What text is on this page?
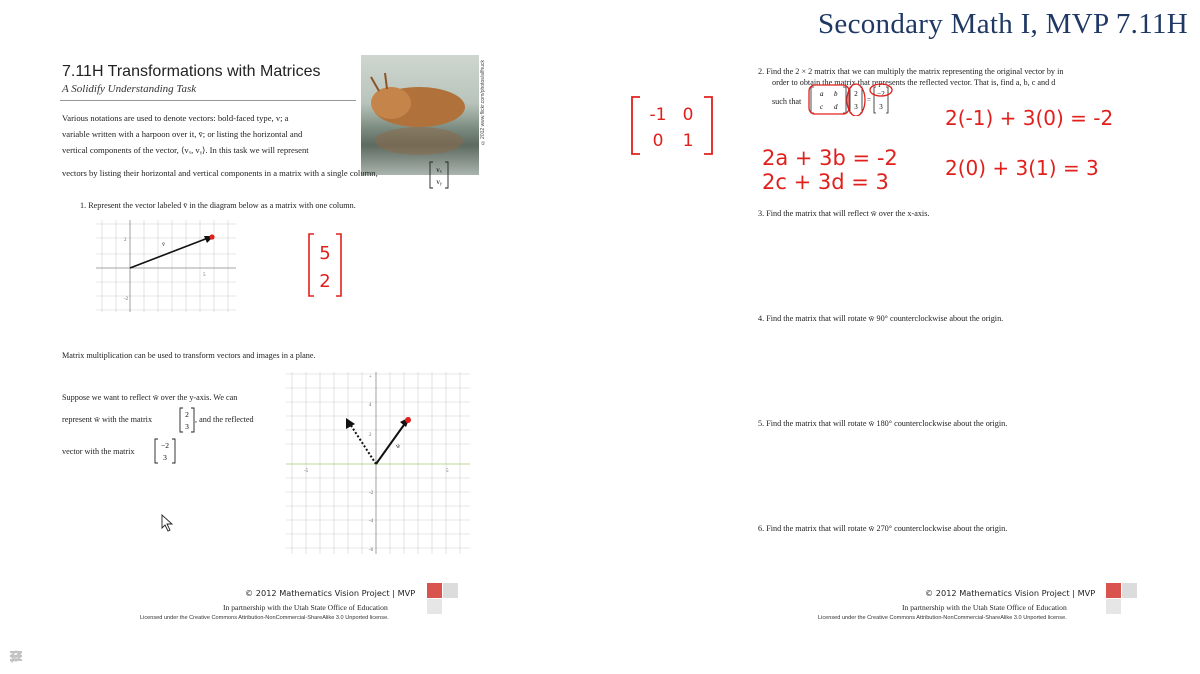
Secondary Math I, MVP 7.11H
7.11H Transformations with Matrices
A Solidify Understanding Task	©2012 www.flickr.com/photos/alfhuck
Various notations are used to denote vectors: bold-faced type, v; a
variable written with a harpoon over it, v̄; or listing the horizontal and
vertical components of the vector, ⟨vₓ, vᵧ⟩. In this task we will represent
vectors by listing their horizontal and vertical components in a matrix with a single column,	vₓ
vᵧ
1. Represent the vector labeled v̄ in the diagram below as a matrix with one column.
2
-2
5
v̄	5
2
Matrix multiplication can be used to transform vectors and images in a plane.
Suppose we want to reflect w̄ over the y-axis. We can
represent w̄ with the matrix
2
3
, and the reflected
vector with the matrix
−2
3
+
4
2
-2
-4
-6
-5	5
w̄
© 2012 Mathematics Vision Project | MVP
In partnership with the Utah State Office of Education
Licensed under the Creative Commons Attribution-NonCommercial-ShareAlike 3.0 Unported license.
-1 0
0 1
2. Find the 2 × 2 matrix that we can multiply the matrix representing the original vector by in
order to obtain the matrix that represents the reflected vector. That is, find a, b, c and d
such that
a b
c d
2
3
=
−2
3
2a + 3b = -2
2c + 3d = 3
2(-1) + 3(0) = -2
2(0) + 3(1) = 3
3. Find the matrix that will reflect w̄ over the x-axis.
4. Find the matrix that will rotate w̄ 90° counterclockwise about the origin.
5. Find the matrix that will rotate w̄ 180° counterclockwise about the origin.
6. Find the matrix that will rotate w̄ 270° counterclockwise about the origin.
© 2012 Mathematics Vision Project | MVP
In partnership with the Utah State Office of Education
Licensed under the Creative Commons Attribution-NonCommercial-ShareAlike 3.0 Unported license.
